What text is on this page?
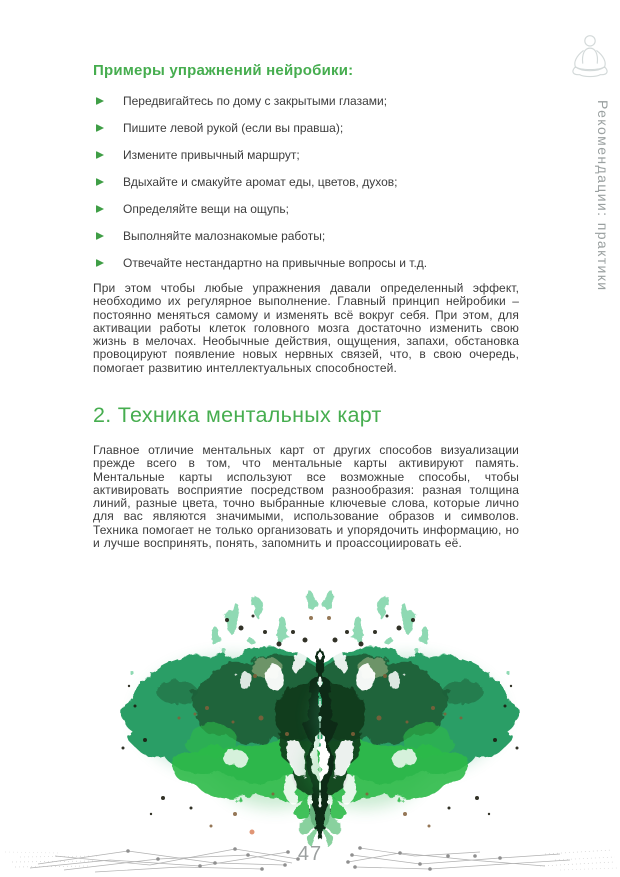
Рекомендации: практики
Примеры упражнений нейробики:
Передвигайтесь по дому с закрытыми глазами;
Пишите левой рукой (если вы правша);
Измените привычный маршрут;
Вдыхайте и смакуйте аромат еды, цветов, духов;
Определяйте вещи на ощупь;
Выполняйте малознакомые работы;
Отвечайте нестандартно на привычные вопросы и т.д.
При этом чтобы любые упражнения давали определенный эффект, необходимо их регулярное выполнение. Главный принцип нейробики – постоянно меняться самому и изменять всё вокруг себя. При этом, для активации работы клеток головного мозга достаточно изменить свою жизнь в мелочах. Необычные действия, ощущения, запахи, обстановка провоцируют появление новых нервных связей, что, в свою очередь, помогает развитию интеллектуальных способностей.
2. Техника ментальных карт
Главное отличие ментальных карт от других способов визуализации прежде всего в том, что ментальные карты активируют память. Ментальные карты используют все возможные способы, чтобы активировать восприятие посредством разнообразия: разная толщина линий, разные цвета, точно выбранные ключевые слова, которые лично для вас являются значимыми, использование образов и символов. Техника помогает не только организовать и упорядочить информацию, но и лучше воспринять, понять, запомнить и проассоциировать её.
47
